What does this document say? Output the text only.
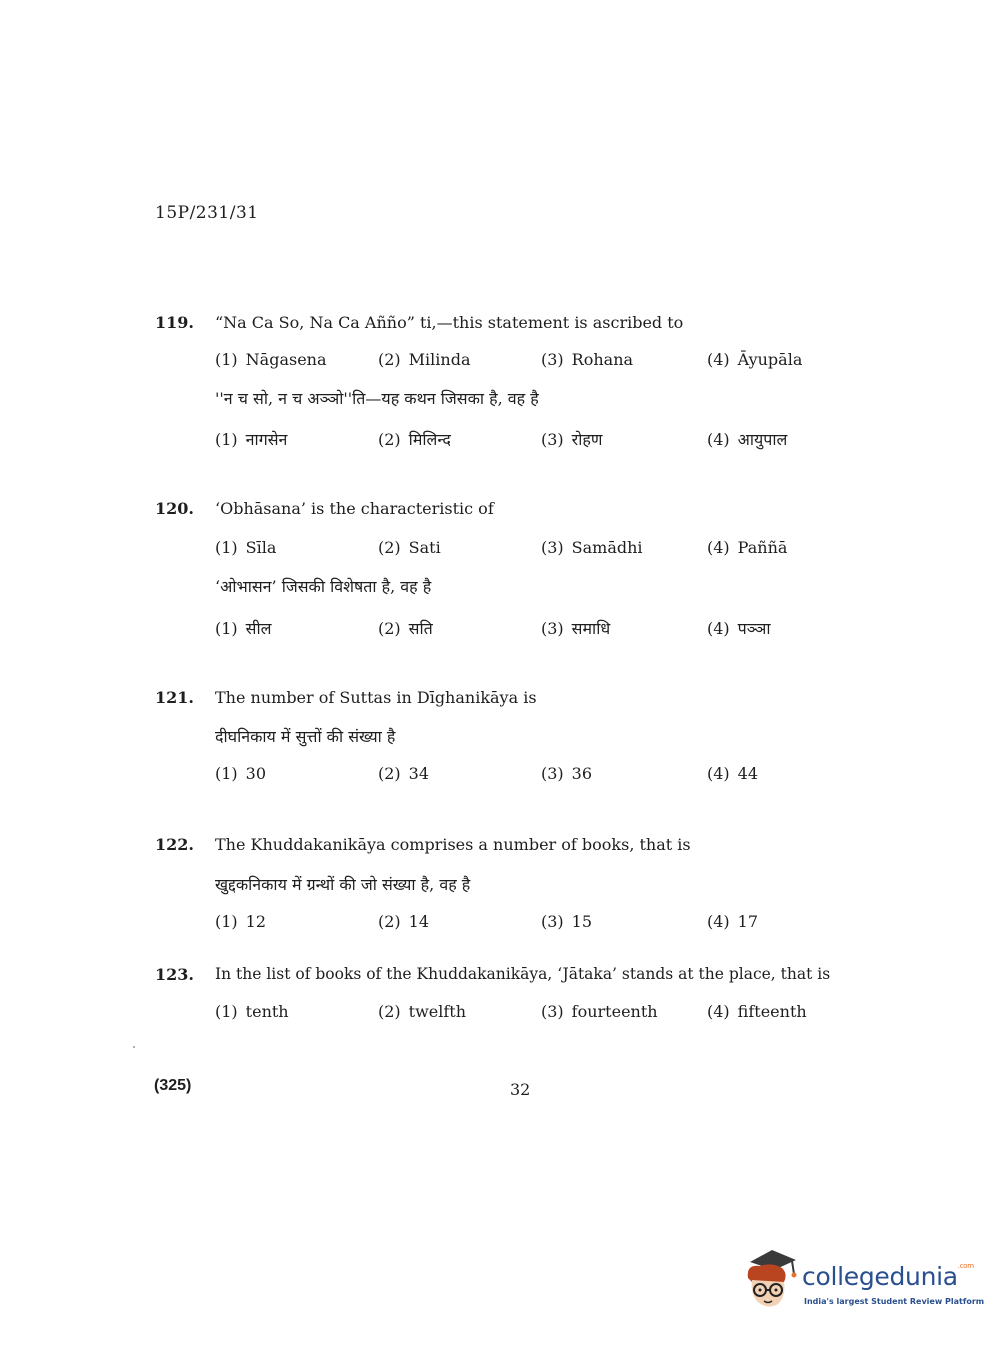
15P/231/31
119. “Na Ca So, Na Ca Añño” ti,—this statement is ascribed to
(1) Nāgasena	(2) Milinda	(3) Rohana	(4) Āyupāla
''न च सो, न च अञ्ञो''ति—यह कथन जिसका है, वह है
(1) नागसेन	(2) मिलिन्द	(3) रोहण	(4) आयुपाल
120. ‘Obhāsana’ is the characteristic of
(1) Sīla	(2) Sati	(3) Samādhi	(4) Paññā
‘ओभासन’ जिसकी विशेषता है, वह है
(1) सील	(2) सति	(3) समाधि	(4) पञ्ञा
121. The number of Suttas in Dīghanikāya is
दीघनिकाय में सुत्तों की संख्या है
(1) 30	(2) 34	(3) 36	(4) 44
122. The Khuddakanikāya comprises a number of books, that is
खुद्दकनिकाय में ग्रन्थों की जो संख्या है, वह है
(1) 12	(2) 14	(3) 15	(4) 17
123. In the list of books of the Khuddakanikāya, ‘Jātaka’ stands at the place, that is
(1) tenth	(2) twelfth	(3) fourteenth	(4) fifteenth
(325)	32
collegedunia$^{.com}$
India's largest Student Review Platform
